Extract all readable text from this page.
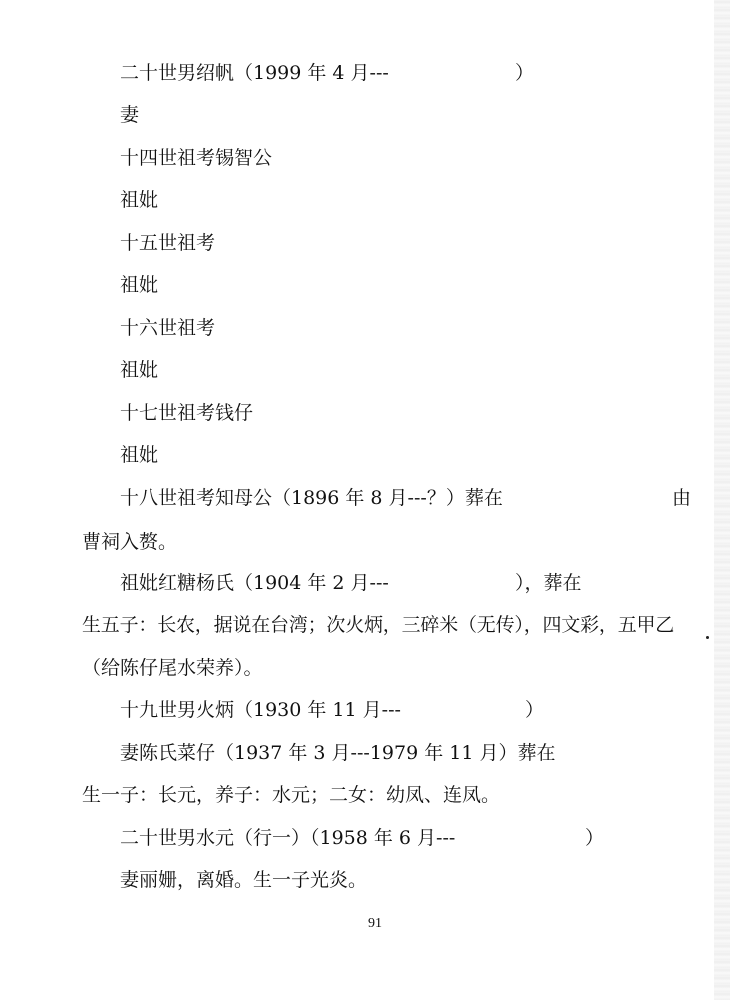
二十世男绍帆（1999 年 4 月---	）
妻
十四世祖考锡智公
祖妣
十五世祖考
祖妣
十六世祖考
祖妣
十七世祖考钱仔
祖妣
十八世祖考知母公（1896 年 8 月---？）葬在	由
曹祠入赘。
祖妣红糖杨氏（1904 年 2 月---	），葬在
生五子：长农，据说在台湾；次火炳，三碎米（无传），四文彩，五甲乙
（给陈仔尾水荣养）。
十九世男火炳（1930 年 11 月---	）
妻陈氏菜仔（1937 年 3 月---1979 年 11 月）葬在
生一子：长元，养子：水元；二女：幼凤、连凤。
二十世男水元（行一）（1958 年 6 月---	）
妻丽姗，离婚。生一子光炎。
91
